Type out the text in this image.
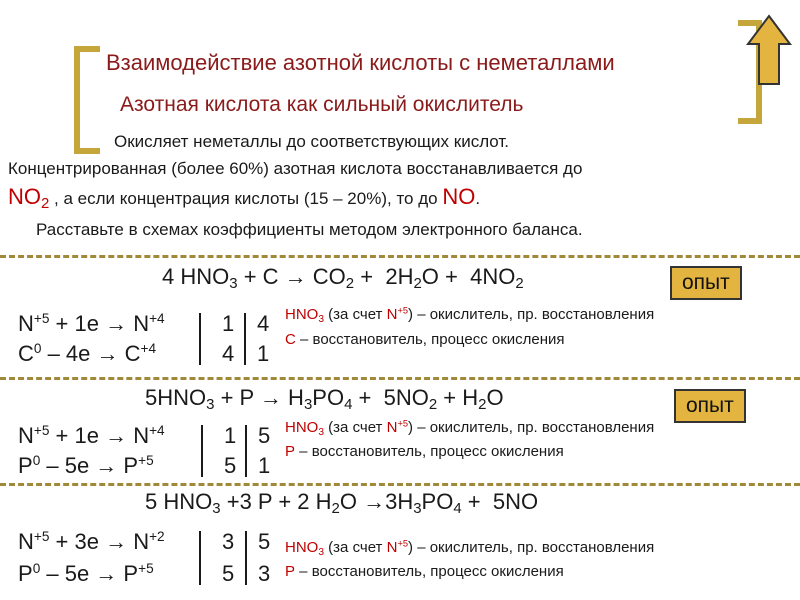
Взаимодействие азотной кислоты с неметаллами
Азотная кислота как сильный окислитель
Окисляет неметаллы до соответствующих кислот.
Концентрированная (более 60%) азотная кислота восстанавливается до
$NO_2$ , а если концентрация кислоты (15 – 20%), то до NO.
Расставьте в схемах коэффициенты методом электронного баланса.
4 $HNO_3 + C \to CO_2 + 2H_2O + 4NO_2$	опыт
$N^{+5} + 1e \to N^{+4}$
$C^0 - 4e \to C^{+4}$
1 4
4 1
$HNO_3$ (за счет $N^{+5}$) – окислитель, пр. восстановления
С – восстановитель, процесс окисления
$5HNO_3 + P \to H_3PO_4 + 5NO_2 + H_2O$	опыт
$N^{+5} + 1e \to N^{+4}$
$P^0 - 5e \to P^{+5}$
1 5
5 1
$HNO_3$ (за счет $N^{+5}$) – окислитель, пр. восстановления
Р – восстановитель, процесс окисления
5 $HNO_3 +3$ P + 2 $H_2O \to 3H_3PO_4 + 5NO$
$N^{+5} + 3e \to N^{+2}$
$P^0 - 5e \to P^{+5}$
3 5
5 3
$HNO_3$ (за счет $N^{+5}$) – окислитель, пр. восстановления
Р – восстановитель, процесс окисления
